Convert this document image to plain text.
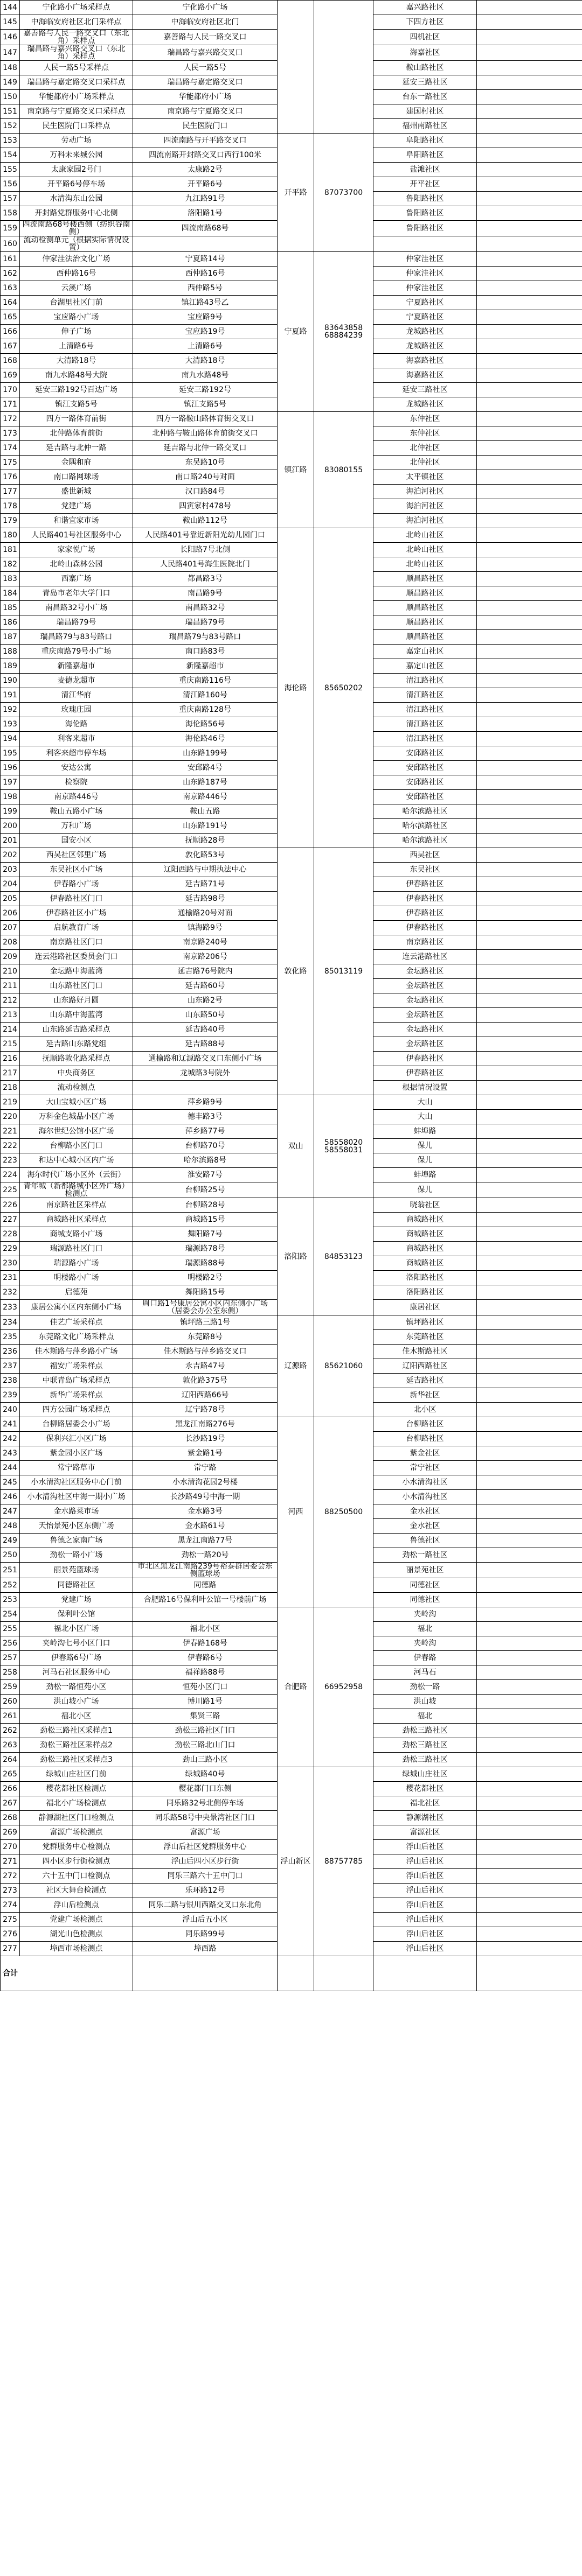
144	宁化路小广场采样点	宁化路小广场			嘉兴路社区	
145	中海临安府社区北门采样点	中海临安府社区北门			下四方社区	
146	嘉善路与人民一路交叉口（东北角）采样点	嘉善路与人民一路交叉口			四机社区	
147	瑞昌路与嘉兴路交叉口（东北角）采样点	瑞昌路与嘉兴路交叉口			海嘉社区	
148	人民一路5号采样点	人民一路5号			鞍山路社区	
149	瑞昌路与嘉定路交叉口采样点	瑞昌路与嘉定路交叉口			延安三路社区	
150	华能都府小广场采样点	华能都府小广场			台东一路社区	
151	南京路与宁夏路交叉口采样点	南京路与宁夏路交叉口			建国村社区	
152	民生医院门口采样点	民生医院门口			福州南路社区	
153	劳动广场	四流南路与开平路交叉口	开平路	87073700	阜阳路社区	
154	万科未来城公园	四流南路开封路交叉口西行100米			阜阳路社区	
155	太康家园2号门	太康路2号			盐滩社区	
156	开平路6号停车场	开平路6号			开平社区	
157	水清沟东山公园	九江路91号			鲁阳路社区	
158	开封路党群服务中心北侧	洛阳路1号			鲁阳路社区	
159	四流南路68号楼西侧（纺织谷南侧）	四流南路68号			鲁阳路社区	
160	流动检测单元（根据实际情况设置）					
161	仲家洼法治文化广场	宁夏路14号	宁夏路	83643858 68884239	仲家洼社区	
162	西仲路16号	西仲路16号			仲家洼社区	
163	云溪广场	西仲路5号			仲家洼社区	
164	台湖里社区门前	镇江路43号乙			宁夏路社区	
165	宝应路小广场	宝应路9号			宁夏路社区	
166	伸子广场	宝应路19号			龙城路社区	
167	上清路6号	上清路6号			龙城路社区	
168	大清路18号	大清路18号			海嘉路社区	
169	南九水路48号大院	南九水路48号			海嘉路社区	
170	延安三路192号百达广场	延安三路192号			延安三路社区	
171	镇江支路5号	镇江支路5号			龙城路社区	
172	四方一路体育前街	四方一路鞍山路体育街交叉口	镇江路	83080155	东仲社区	
173	北仲路体育前街	北仲路与鞍山路体育前街交叉口			东仲社区	
174	延吉路与北仲一路	延吉路与北仲一路交叉口			北仲社区	
175	金隅和府	东吴路10号			北仲社区	
176	南口路网球场	南口路240号对面			太平镇社区	
177	盛世新城	汉口路84号			海泊河社区	
178	党建广场	四寅家村478号			海泊河社区	
179	和谐宜家市场	鞍山路112号			海泊河社区	
180	人民路401号社区服务中心	人民路401号靠近新阳光幼儿园门口	海伦路	85650202	北岭山社区	
181	家家悦广场	长阳路7号北侧			北岭山社区	
182	北岭山森林公园	人民路401号海生医院北门			北岭山社区	
183	西寨广场	都昌路3号			顺昌路社区	
184	青岛市老年大学门口	南昌路9号			顺昌路社区	
185	南昌路32号小广场	南昌路32号			顺昌路社区	
186	瑞昌路79号	瑞昌路79号			顺昌路社区	
187	瑞昌路79与83号路口	瑞昌路79与83号路口			顺昌路社区	
188	重庆南路79号小广场	南口路83号			嘉定山社区	
189	新隆嘉超市	新隆嘉超市			嘉定山社区	
190	麦德龙超市	重庆南路116号			清江路社区	
191	清江华府	清江路160号			清江路社区	
192	玫瑰庄园	重庆南路128号			清江路社区	
193	海伦路	海伦路56号			清江路社区	
194	利客来超市	海伦路46号			清江路社区	
195	利客来超市停车场	山东路199号			安邱路社区	
196	安达公寓	安邱路4号			安邱路社区	
197	检察院	山东路187号			安邱路社区	
198	南京路446号	南京路446号			安邱路社区	
199	鞍山五路小广场	鞍山五路			哈尔滨路社区	
200	万和广场	山东路191号			哈尔滨路社区	
201	国安小区	抚顺路28号			哈尔滨路社区	
202	西吴社区邻里广场	敦化路53号	敦化路	85013119	西吴社区	
203	东吴社区小广场	辽阳西路与中期执法中心			东吴社区	
204	伊春路小广场	延吉路71号			伊春路社区	
205	伊春路社区门口	延吉路98号			伊春路社区	
206	伊春路社区小广场	通榆路20号对面			伊春路社区	
207	启航教育广场	镇海路9号			伊春路社区	
208	南京路社区门口	南京路240号			南京路社区	
209	连云港路社区委员会门口	南京路206号			连云港路社区	
210	金坛路中海蓝湾	延吉路76号院内			金坛路社区	
211	山东路社区门口	延吉路60号			金坛路社区	
212	山东路好月圆	山东路2号			金坛路社区	
213	山东路中海蓝湾	山东路50号			金坛路社区	
214	山东路延吉路采样点	延吉路40号			金坛路社区	
215	延吉路山东路党组	延吉路88号			金坛路社区	
216	抚顺路敦化路采样点	通榆路和辽源路交叉口东侧小广场			伊春路社区	
217	中央商务区	龙城路3号院外			伊春路社区	
218	流动检测点				根据情况设置	
219	大山宝城小区广场	萍乡路9号	双山	58558020 58558031	大山	
220	万科金色城品小区广场	德丰路3号			大山	
221	海尔世纪公馆小区广场	萍乡路77号			蚌埠路	
222	台柳路小区门口	台柳路70号			保儿	
223	和达中心城小区内广场	哈尔滨路8号			保儿	
224	海尔时代广场小区外（云街）	淮安路7号			蚌埠路	
225	青年城（新都路城小区外广场）检测点	台柳路25号			保儿	
226	南京路社区采样点	台柳路28号	洛阳路	84853123	晓翁社区	
227	商城路社区采样点	商城路15号			商城路社区	
228	商城支路小广场	舞阳路7号			商城路社区	
229	瑞源路社区门口	瑞源路78号			商城路社区	
230	瑞源路小广场	瑞源路88号			商城路社区	
231	明楼路小广场	明楼路2号			洛阳路社区	
232	启德苑	舞阳路15号			洛阳路社区	
233	康居公寓小区内东侧小广场	周口路1号康居公寓小区内东侧小广场（居委会办公室东侧）			康居社区	
234	佳艺广场采样点	镇坪路三路1号	辽源路	85621060	镇坪路社区	
235	东莞路文化广场采样点	东莞路8号			东莞路社区	
236	佳木斯路与萍乡路小广场	佳木斯路与萍乡路交叉口			佳木斯路社区	
237	福安广场采样点	永吉路47号			辽阳西路社区	
238	中联青岛广场采样点	敦化路375号			延吉路社区	
239	新华广场采样点	辽阳西路66号			新华社区	
240	四方公园广场采样点	辽宁路78号			北小区	
241	台柳路居委会小广场	黑龙江南路276号	河西	88250500	台柳路社区	
242	保利兴汇小区广场	长沙路19号			台柳路社区	
243	紫金园小区广场	紫金路1号			紫金社区	
244	常宁路草市	常宁路			常宁社区	
245	小水清沟社区服务中心门前	小水清沟花园2号楼			小水清沟社区	
246	小水清沟社区中海一期小广场	长沙路49号中海一期			小水清沟社区	
247	金水路菜市场	金水路3号			金水社区	
248	天怡景苑小区东侧广场	金水路61号			金水社区	
249	鲁德之家南广场	黑龙江南路77号			鲁德社区	
250	劲松一路小广场	劲松一路20号			劲松一路社区	
251	丽景苑篮球场	市北区黑龙江南路239号裕泰群居委会东侧篮球场			丽景苑社区	
252	同德路社区	同德路			同德社区	
253	党建广场	合肥路16号保利叶公馆一号楼前广场			同德社区	
254	保利叶公馆		合肥路	66952958	夹岭沟	
255	福北小区广场	福北小区			福北	
256	夹岭沟七号小区门口	伊春路168号			夹岭沟	
257	伊春路6号广场	伊春路6号			伊春路	
258	河马石社区服务中心	福祥路88号			河马石	
259	劲松一路恒苑小区	恒苑小区门口			劲松一路	
260	洪山坡小广场	博川路1号			洪山坡	
261	福北小区	集贤三路			福北	
262	劲松三路社区采样点1	劲松三路社区门口			劲松三路社区	
263	劲松三路社区采样点2	劲松三路北山门口			劲松三路社区	
264	劲松三路社区采样点3	劲山三路小区			劲松三路社区	
265	绿城山庄社区门前	绿城路40号	浮山新区	88757785	绿城山庄社区	
266	樱花都社区检测点	樱花都门口东侧			樱花都社区	
267	福北小广场检测点	同乐路32号北侧停车场			福北社区	
268	静源湖社区门口检测点	同乐路58号中央景湾社区门口			静源湖社区	
269	富源广场检测点	富源广场			富源社区	
270	党群服务中心检测点	浮山后社区党群服务中心			浮山后社区	
271	四小区步行街检测点	浮山后四小区步行街			浮山后社区	
272	六十五中门口检测点	同乐三路六十五中门口			浮山后社区	
273	社区大舞台检测点	乐环路12号			浮山后社区	
274	浮山后检测点	同乐二路与银川西路交叉口东北角			浮山后社区	
275	党建广场检测点	浮山后五小区			浮山后社区	
276	湖光山色检测点	同乐路99号			浮山后社区	
277	埠西市场检测点	埠西路			浮山后社区	
合计						
